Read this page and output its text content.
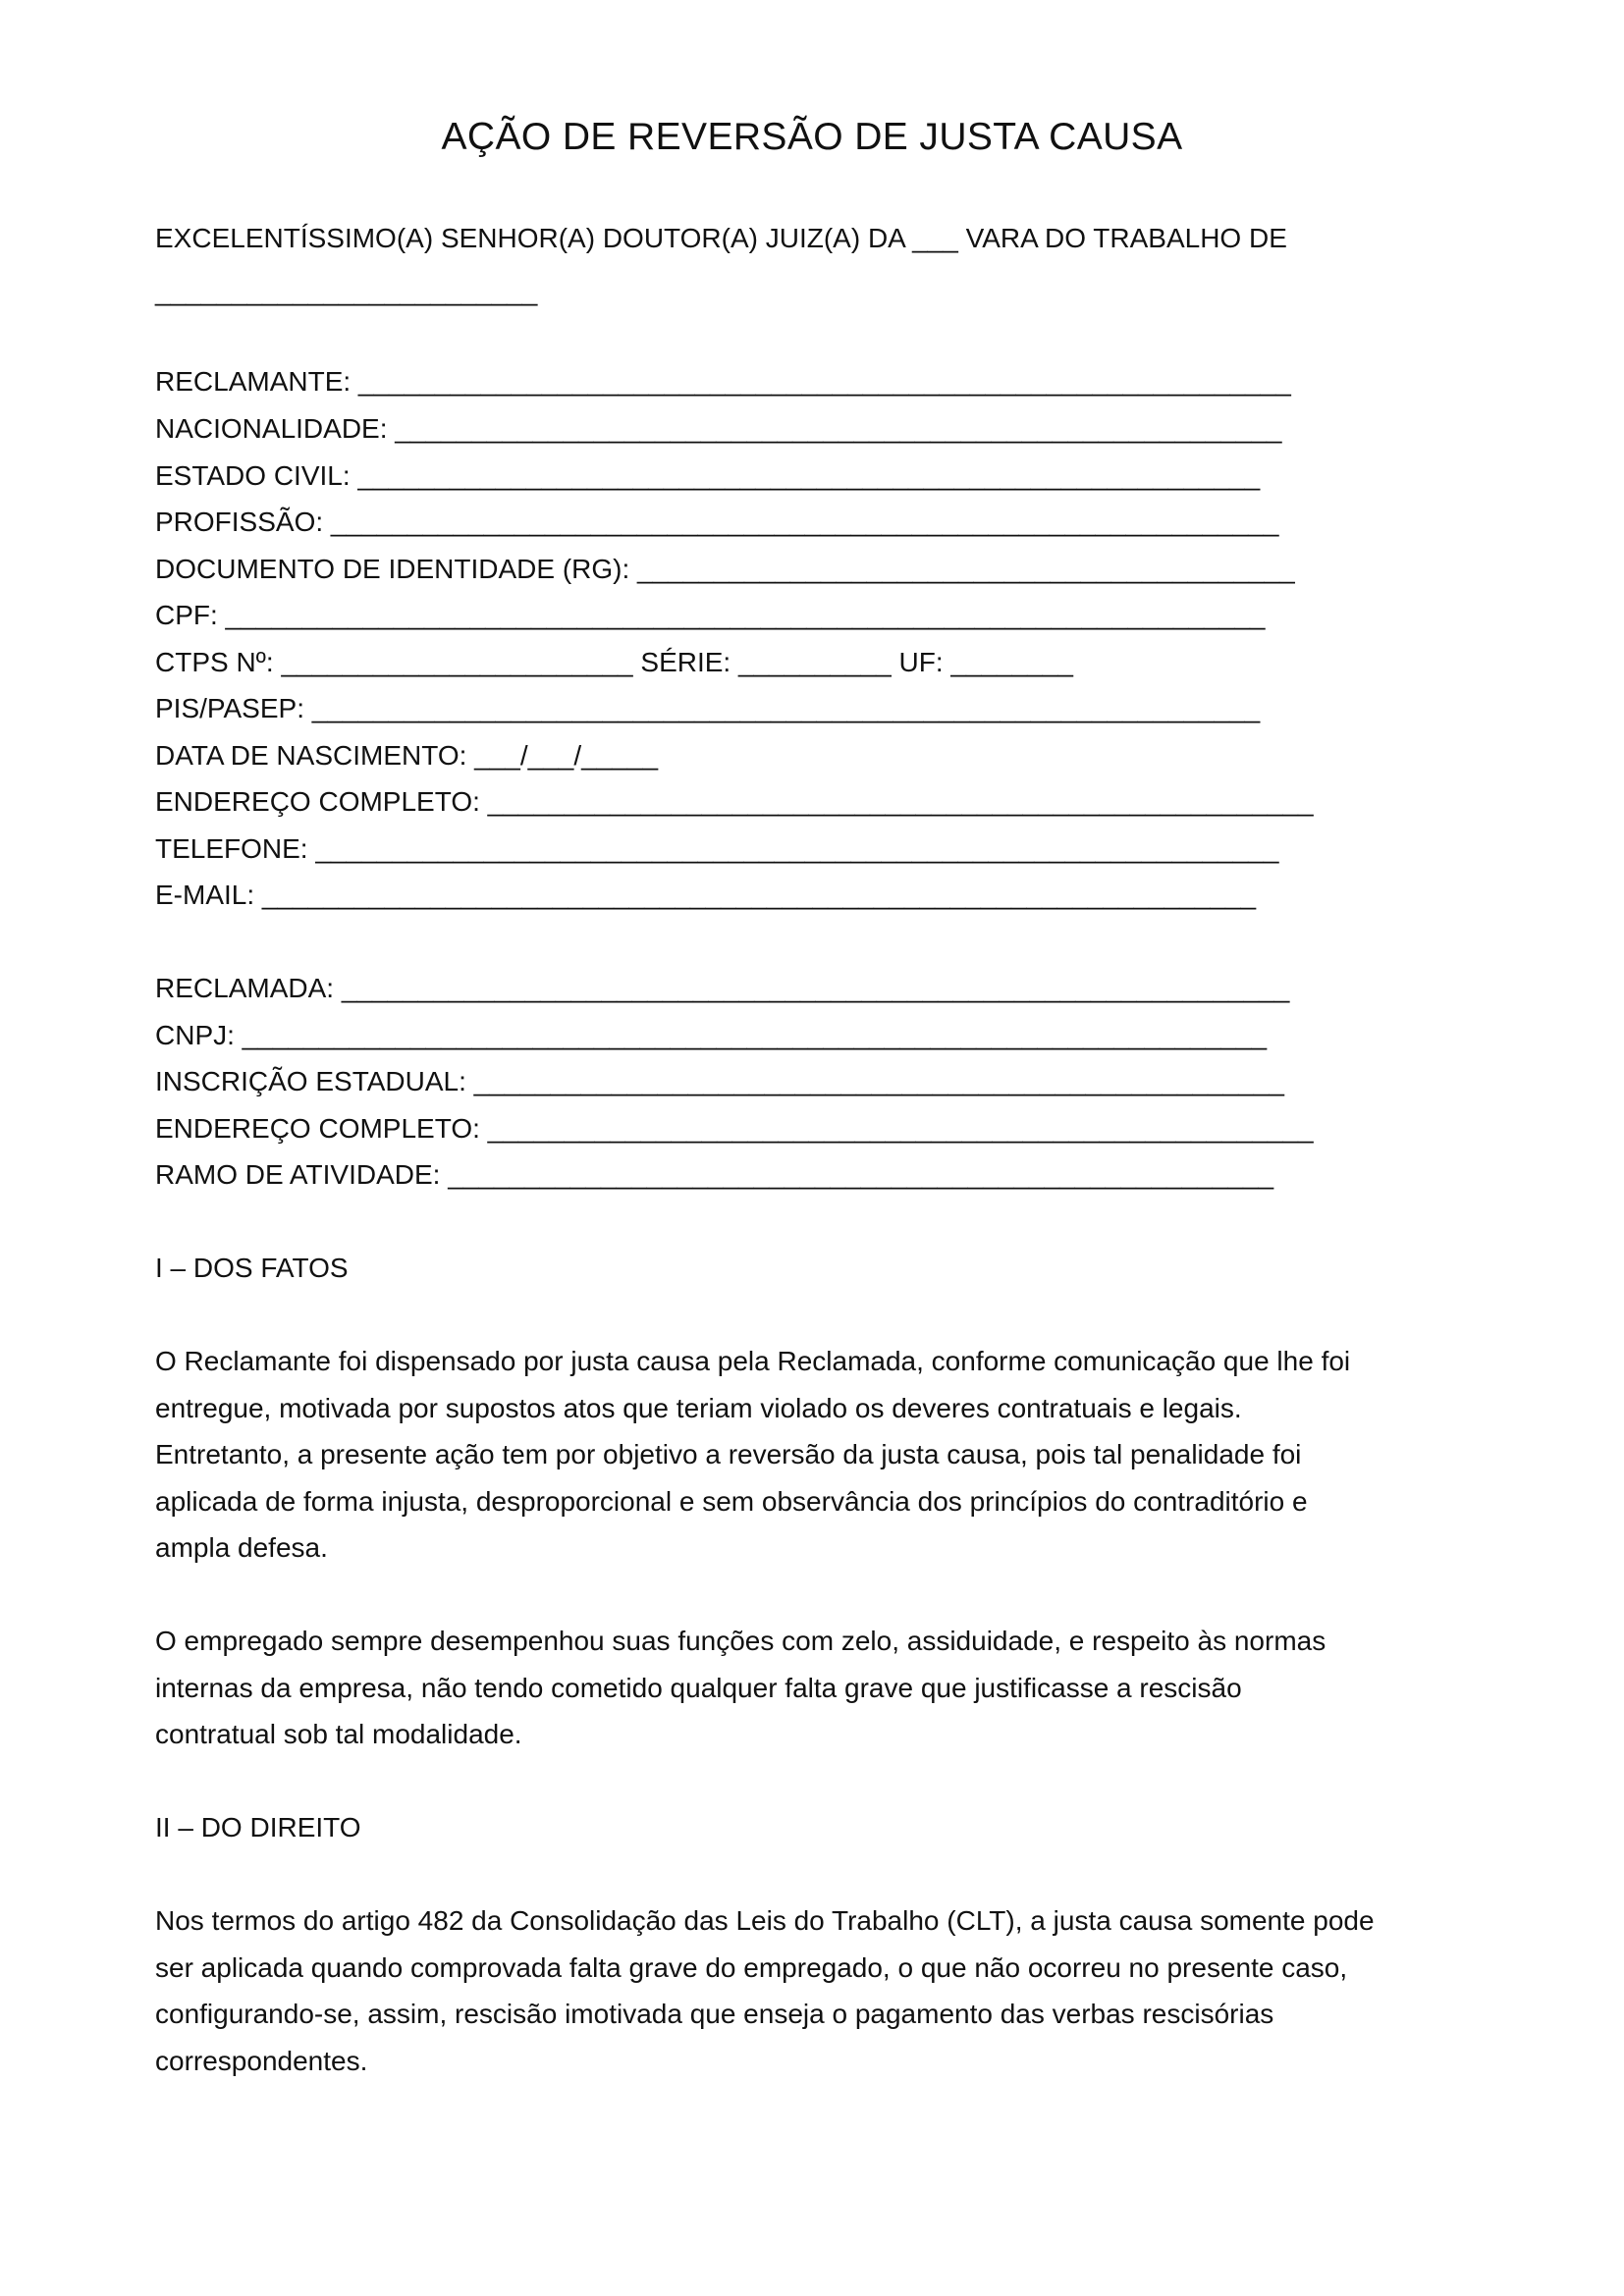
AÇÃO DE REVERSÃO DE JUSTA CAUSA
EXCELENTÍSSIMO(A) SENHOR(A) DOUTOR(A) JUIZ(A) DA ___ VARA DO TRABALHO DE
_________________________
RECLAMANTE: _____________________________________________________________
NACIONALIDADE: __________________________________________________________
ESTADO CIVIL: ___________________________________________________________
PROFISSÃO: ______________________________________________________________
DOCUMENTO DE IDENTIDADE (RG): ___________________________________________
CPF: ____________________________________________________________________
CTPS Nº: _______________________ SÉRIE: __________ UF: ________
PIS/PASEP: ______________________________________________________________
DATA DE NASCIMENTO: ___/___/_____
ENDEREÇO COMPLETO: ______________________________________________________
TELEFONE: _______________________________________________________________
E-MAIL: _________________________________________________________________
RECLAMADA: ______________________________________________________________
CNPJ: ___________________________________________________________________
INSCRIÇÃO ESTADUAL: _____________________________________________________
ENDEREÇO COMPLETO: ______________________________________________________
RAMO DE ATIVIDADE: ______________________________________________________
I – DOS FATOS
O Reclamante foi dispensado por justa causa pela Reclamada, conforme comunicação que lhe foi
entregue, motivada por supostos atos que teriam violado os deveres contratuais e legais.
Entretanto, a presente ação tem por objetivo a reversão da justa causa, pois tal penalidade foi
aplicada de forma injusta, desproporcional e sem observância dos princípios do contraditório e
ampla defesa.
O empregado sempre desempenhou suas funções com zelo, assiduidade, e respeito às normas
internas da empresa, não tendo cometido qualquer falta grave que justificasse a rescisão
contratual sob tal modalidade.
II – DO DIREITO
Nos termos do artigo 482 da Consolidação das Leis do Trabalho (CLT), a justa causa somente pode
ser aplicada quando comprovada falta grave do empregado, o que não ocorreu no presente caso,
configurando-se, assim, rescisão imotivada que enseja o pagamento das verbas rescisórias
correspondentes.
